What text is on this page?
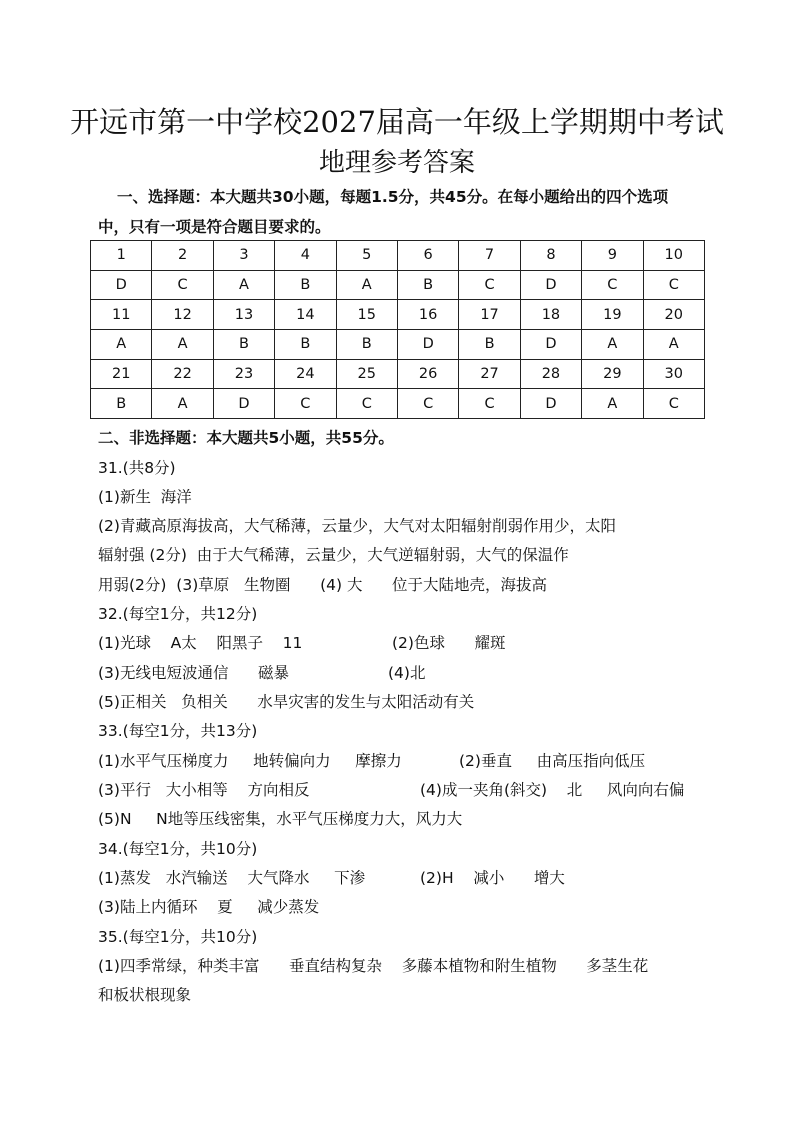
开远市第一中学校2027届高一年级上学期期中考试
地理参考答案
一、选择题：本大题共30小题，每题1.5分，共45分。在每小题给出的四个选项
中，只有一项是符合题目要求的。
1	2	3	4	5	6	7	8	9	10
D	C	A	B	A	B	C	D	C	C
11	12	13	14	15	16	17	18	19	20
A	A	B	B	B	D	B	D	A	A
21	22	23	24	25	26	27	28	29	30
B	A	D	C	C	C	C	D	A	C
二、非选择题：本大题共5小题，共55分。
31.(共8分)
(1)新生  海洋
(2)青藏高原海拔高，大气稀薄，云量少，大气对太阳辐射削弱作用少，太阳
辐射强 (2分)  由于大气稀薄，云量少，大气逆辐射弱，大气的保温作
用弱(2分)  (3)草原   生物圈      (4) 大      位于大陆地壳，海拔高
32.(每空1分，共12分)
(1)光球    A太    阳黑子    11	(2)色球      耀斑
(3)无线电短波通信      磁暴	(4)北
(5)正相关   负相关      水旱灾害的发生与太阳活动有关
33.(每空1分，共13分)
(1)水平气压梯度力     地转偏向力     摩擦力	(2)垂直     由高压指向低压
(3)平行   大小相等    方向相反	(4)成一夹角(斜交)    北     风向向右偏
(5)N     N地等压线密集，水平气压梯度力大，风力大
34.(每空1分，共10分)
(1)蒸发   水汽输送    大气降水     下渗	(2)H    减小      增大
(3)陆上内循环    夏     减少蒸发
35.(每空1分，共10分)
(1)四季常绿，种类丰富      垂直结构复杂    多藤本植物和附生植物      多茎生花
和板状根现象
